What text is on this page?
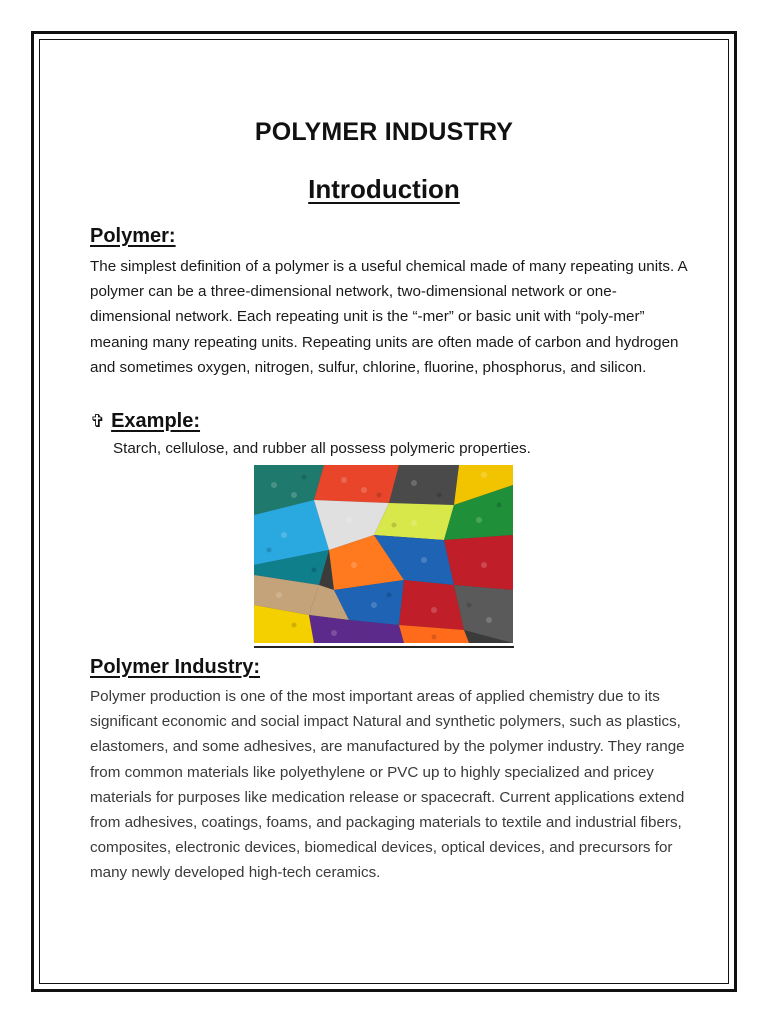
POLYMER INDUSTRY
Introduction
Polymer:
The simplest definition of a polymer is a useful chemical made of many repeating units. A polymer can be a three-dimensional network, two-dimensional network or one-dimensional network. Each repeating unit is the “-mer” or basic unit with “poly-mer” meaning many repeating units. Repeating units are often made of carbon and hydrogen and sometimes oxygen, nitrogen, sulfur, chlorine, fluorine, phosphorus, and silicon.
✞ Example:
Starch, cellulose, and rubber all possess polymeric properties.
Polymer Industry:
Polymer production is one of the most important areas of applied chemistry due to its significant economic and social impact Natural and synthetic polymers, such as plastics, elastomers, and some adhesives, are manufactured by the polymer industry. They range from common materials like polyethylene or PVC up to highly specialized and pricey materials for purposes like medication release or spacecraft. Current applications extend from adhesives, coatings, foams, and packaging materials to textile and industrial fibers, composites, electronic devices, biomedical devices, optical devices, and precursors for many newly developed high-tech ceramics.
